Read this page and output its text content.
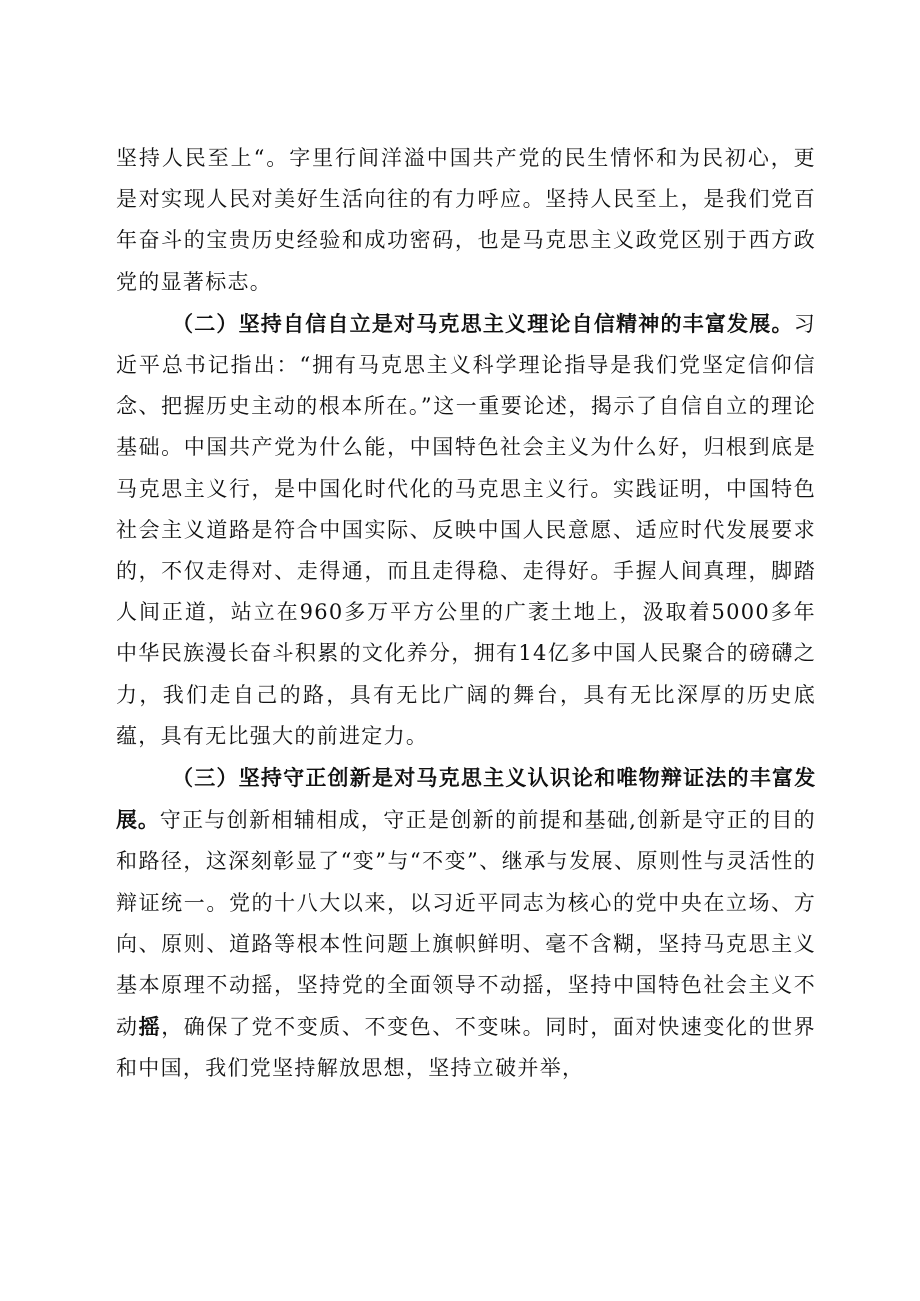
坚持人民至上“。字里行间洋溢中国共产党的民生情怀和为民初心，更是对实现人民对美好生活向往的有力呼应。坚持人民至上，是我们党百年奋斗的宝贵历史经验和成功密码，也是马克思主义政党区别于西方政党的显著标志。

（二）坚持自信自立是对马克思主义理论自信精神的丰富发展。习近平总书记指出：“拥有马克思主义科学理论指导是我们党坚定信仰信念、把握历史主动的根本所在。”这一重要论述，揭示了自信自立的理论基础。中国共产党为什么能，中国特色社会主义为什么好，归根到底是马克思主义行，是中国化时代化的马克思主义行。实践证明，中国特色社会主义道路是符合中国实际、反映中国人民意愿、适应时代发展要求的，不仅走得对、走得通，而且走得稳、走得好。手握人间真理，脚踏人间正道，站立在960多万平方公里的广袤土地上，汲取着5000多年中华民族漫长奋斗积累的文化养分，拥有14亿多中国人民聚合的磅礴之力，我们走自己的路，具有无比广阔的舞台，具有无比深厚的历史底蕴，具有无比强大的前进定力。

（三）坚持守正创新是对马克思主义认识论和唯物辩证法的丰富发展。守正与创新相辅相成，守正是创新的前提和基础,创新是守正的目的和路径，这深刻彰显了“变”与“不变”、继承与发展、原则性与灵活性的辩证统一。党的十八大以来，以习近平同志为核心的党中央在立场、方向、原则、道路等根本性问题上旗帜鲜明、毫不含糊，坚持马克思主义基本原理不动摇，坚持党的全面领导不动摇，坚持中国特色社会主义不动摇，确保了党不变质、不变色、不变味。同时，面对快速变化的世界和中国，我们党坚持解放思想，坚持立破并举，
